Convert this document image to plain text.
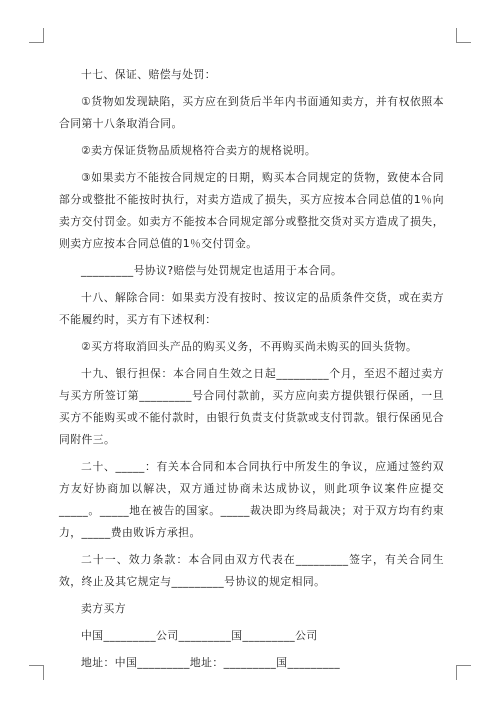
十七、保证、赔偿与处罚：

①货物如发现缺陷，买方应在到货后半年内书面通知卖方，并有权依照本合同第十八条取消合同。

②卖方保证货物品质规格符合卖方的规格说明。

③如果卖方不能按合同规定的日期，购买本合同规定的货物，致使本合同部分或整批不能按时执行，对卖方造成了损失，买方应按本合同总值的1％向卖方交付罚金。如卖方不能按本合同规定部分或整批交货对买方造成了损失，则卖方应按本合同总值的1％交付罚金。

_________号协议?赔偿与处罚规定也适用于本合同。

十八、解除合同：如果卖方没有按时、按议定的品质条件交货，或在卖方不能履约时，买方有下述权利：

②买方将取消回头产品的购买义务，不再购买尚未购买的回头货物。

十九、银行担保：本合同自生效之日起_________个月，至迟不超过卖方与买方所签订第_________号合同付款前，买方应向卖方提供银行保函，一旦买方不能购买或不能付款时，由银行负责支付货款或支付罚款。银行保函见合同附件三。

二十、_____：有关本合同和本合同执行中所发生的争议，应通过签约双方友好协商加以解决，双方通过协商未达成协议，则此项争议案件应提交_____。_____地在被告的国家。_____裁决即为终局裁决；对于双方均有约束力，_____费由败诉方承担。

二十一、效力条款：本合同由双方代表在_________签字，有关合同生效，终止及其它规定与_________号协议的规定相同。

卖方买方

中国_________公司_________国_________公司

地址：中国_________地址：_________国_________
